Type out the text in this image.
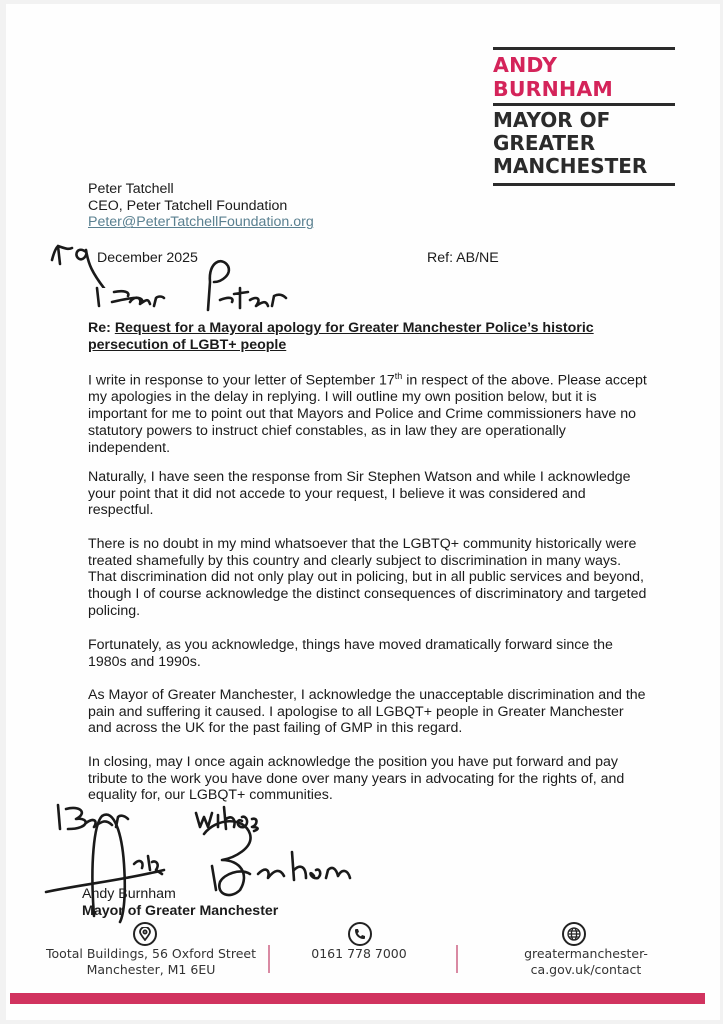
ANDY BURNHAM
MAYOR OF
GREATER
MANCHESTER
Peter Tatchell
CEO, Peter Tatchell Foundation
Peter@PeterTatchellFoundation.org
December 2025	Ref: AB/NE
Re: Request for a Mayoral apology for Greater Manchester Police’s historic persecution of LGBT+ people
I write in response to your letter of September 17th in respect of the above. Please accept my apologies in the delay in replying. I will outline my own position below, but it is important for me to point out that Mayors and Police and Crime commissioners have no statutory powers to instruct chief constables, as in law they are operationally independent.
Naturally, I have seen the response from Sir Stephen Watson and while I acknowledge your point that it did not accede to your request, I believe it was considered and respectful.
There is no doubt in my mind whatsoever that the LGBTQ+ community historically were treated shamefully by this country and clearly subject to discrimination in many ways. That discrimination did not only play out in policing, but in all public services and beyond, though I of course acknowledge the distinct consequences of discriminatory and targeted policing.
Fortunately, as you acknowledge, things have moved dramatically forward since the 1980s and 1990s.
As Mayor of Greater Manchester, I acknowledge the unacceptable discrimination and the pain and suffering it caused. I apologise to all LGBQT+ people in Greater Manchester and across the UK for the past failing of GMP in this regard.
In closing, may I once again acknowledge the position you have put forward and pay tribute to the work you have done over many years in advocating for the rights of, and equality for, our LGBQT+ communities.
Andy Burnham
Mayor of Greater Manchester
Tootal Buildings, 56 Oxford Street
Manchester, M1 6EU
0161 778 7000	greatermanchester-ca.gov.uk/contact
